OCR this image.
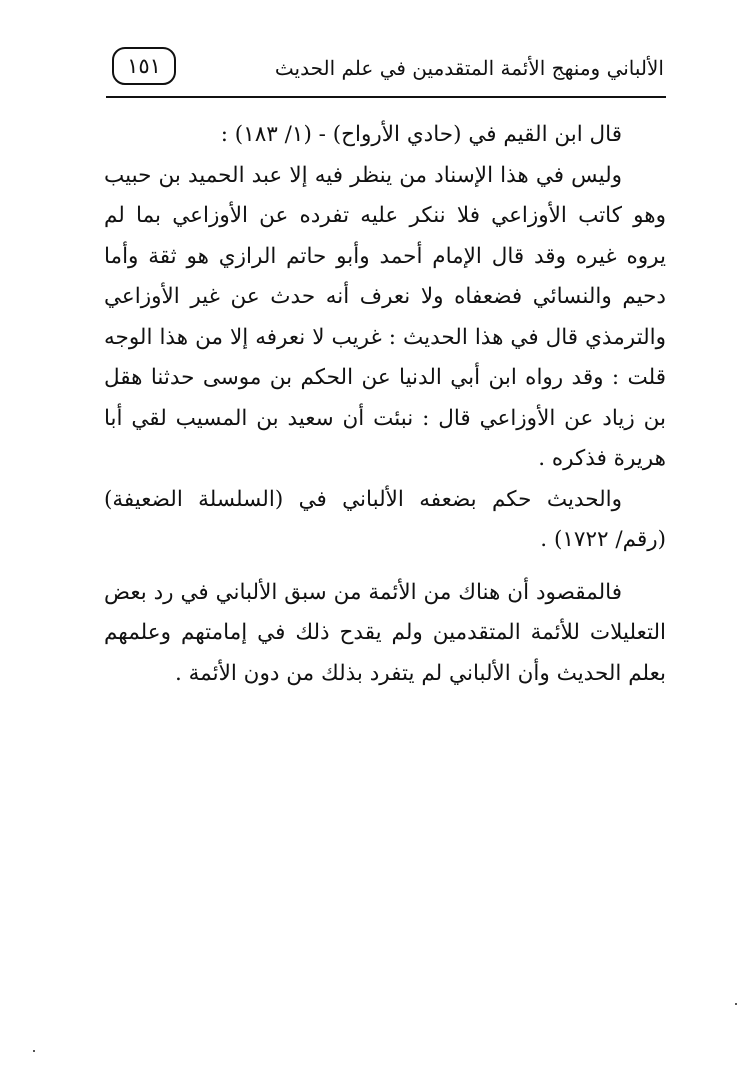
١٥١	الألباني ومنهج الأئمة المتقدمين في علم الحديث

قال ابن القيم في (حادي الأرواح) - (١/ ١٨٣) :

وليس في هذا الإسناد من ينظر فيه إلا عبد الحميد بن حبيب وهو كاتب الأوزاعي فلا ننكر عليه تفرده عن الأوزاعي بما لم يروه غيره وقد قال الإمام أحمد وأبو حاتم الرازي هو ثقة وأما دحيم والنسائي فضعفاه ولا نعرف أنه حدث عن غير الأوزاعي والترمذي قال في هذا الحديث : غريب لا نعرفه إلا من هذا الوجه قلت : وقد رواه ابن أبي الدنيا عن الحكم بن موسى حدثنا هقل بن زياد عن الأوزاعي قال : نبئت أن سعيد بن المسيب لقي أبا هريرة فذكره .

والحديث حكم بضعفه الألباني في (السلسلة الضعيفة) (رقم/ ١٧٢٢) .

فالمقصود أن هناك من الأئمة من سبق الألباني في رد بعض التعليلات للأئمة المتقدمين ولم يقدح ذلك في إمامتهم وعلمهم بعلم الحديث وأن الألباني لم يتفرد بذلك من دون الأئمة .
